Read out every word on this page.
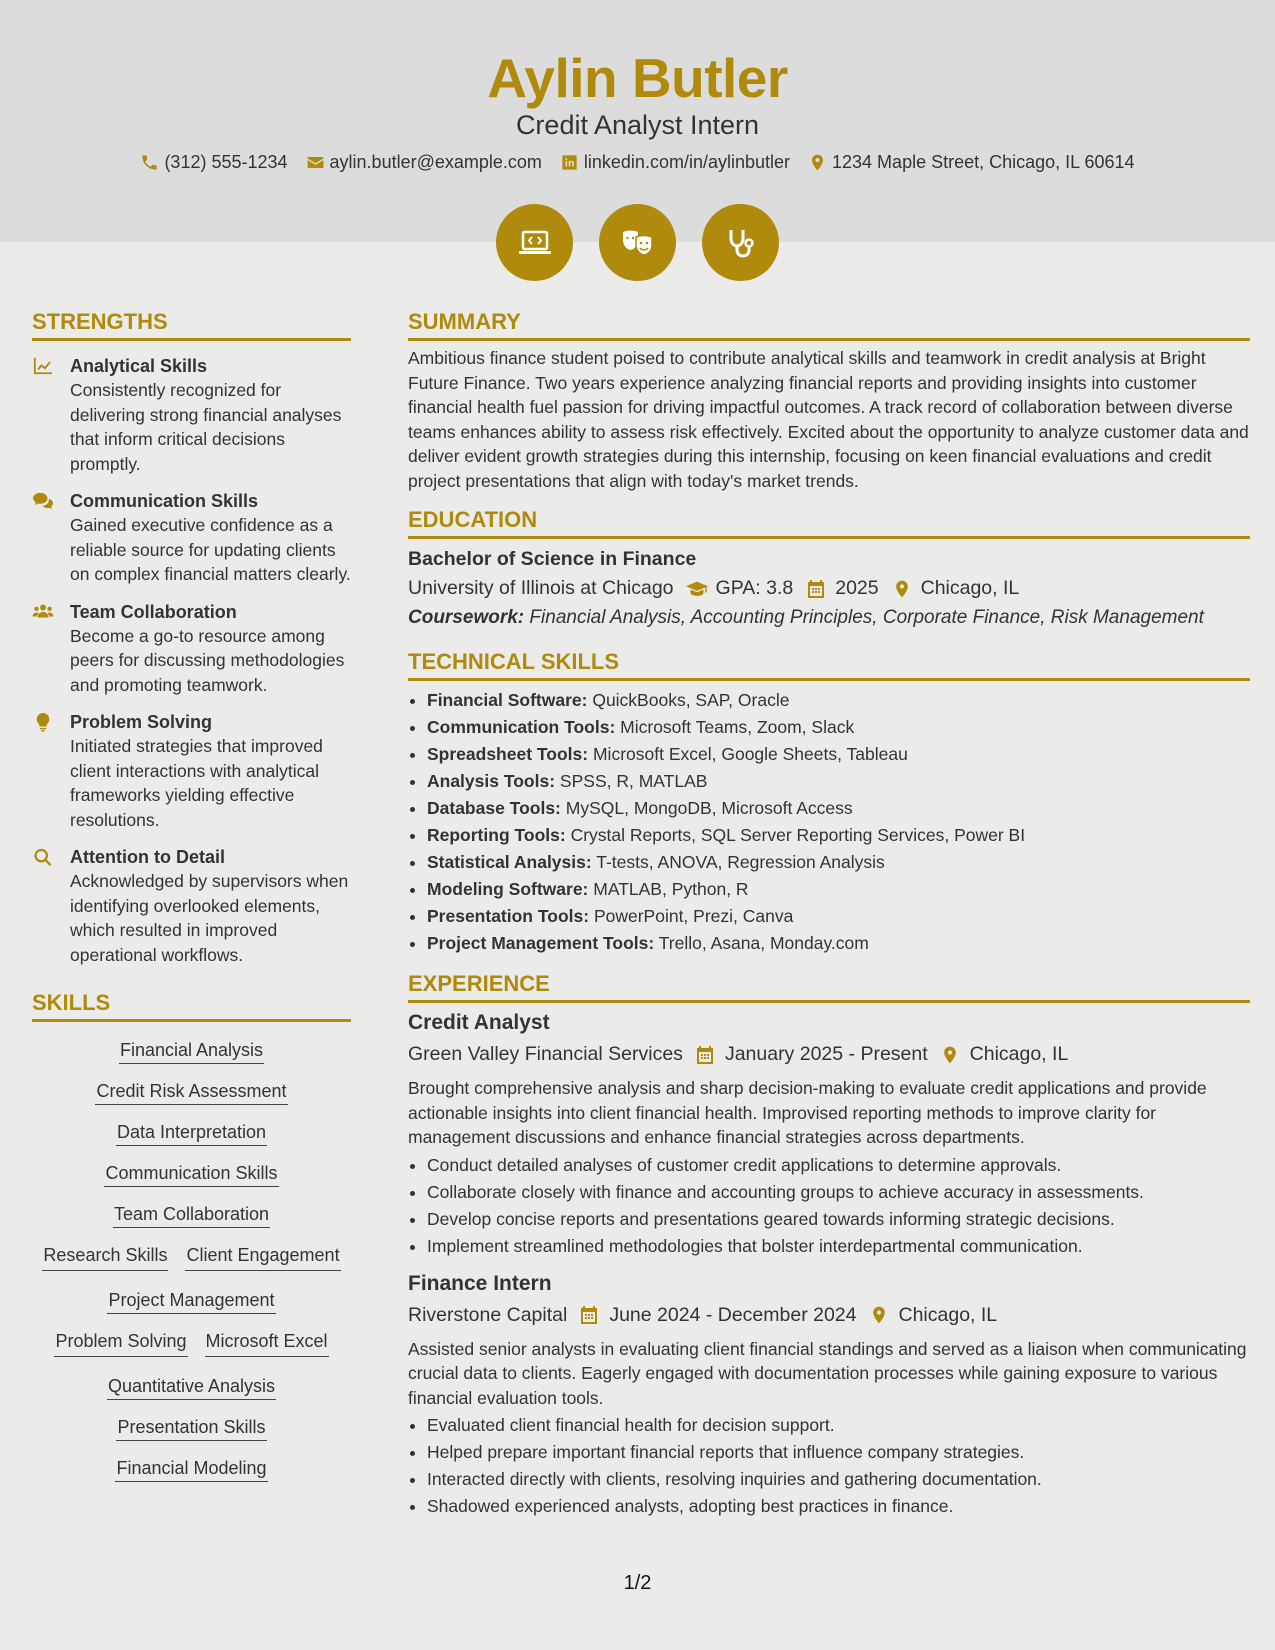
Aylin Butler
Credit Analyst Intern
(312) 555-1234 aylin.butler@example.com linkedin.com/in/aylinbutler 1234 Maple Street, Chicago, IL 60614
STRENGTHS
Analytical Skills
Consistently recognized for delivering strong financial analyses that inform critical decisions promptly.
Communication Skills
Gained executive confidence as a reliable source for updating clients on complex financial matters clearly.
Team Collaboration
Become a go-to resource among peers for discussing methodologies and promoting teamwork.
Problem Solving
Initiated strategies that improved client interactions with analytical frameworks yielding effective resolutions.
Attention to Detail
Acknowledged by supervisors when identifying overlooked elements, which resulted in improved operational workflows.
SKILLS
Financial Analysis
Credit Risk Assessment
Data Interpretation
Communication Skills
Team Collaboration
Research Skills Client Engagement
Project Management
Problem Solving Microsoft Excel
Quantitative Analysis
Presentation Skills
Financial Modeling
SUMMARY
Ambitious finance student poised to contribute analytical skills and teamwork in credit analysis at Bright Future Finance. Two years experience analyzing financial reports and providing insights into customer financial health fuel passion for driving impactful outcomes. A track record of collaboration between diverse teams enhances ability to assess risk effectively. Excited about the opportunity to analyze customer data and deliver evident growth strategies during this internship, focusing on keen financial evaluations and credit project presentations that align with today's market trends.
EDUCATION
Bachelor of Science in Finance
University of Illinois at Chicago GPA: 3.8 2025 Chicago, IL
Coursework: Financial Analysis, Accounting Principles, Corporate Finance, Risk Management
TECHNICAL SKILLS
• Financial Software: QuickBooks, SAP, Oracle
• Communication Tools: Microsoft Teams, Zoom, Slack
• Spreadsheet Tools: Microsoft Excel, Google Sheets, Tableau
• Analysis Tools: SPSS, R, MATLAB
• Database Tools: MySQL, MongoDB, Microsoft Access
• Reporting Tools: Crystal Reports, SQL Server Reporting Services, Power BI
• Statistical Analysis: T-tests, ANOVA, Regression Analysis
• Modeling Software: MATLAB, Python, R
• Presentation Tools: PowerPoint, Prezi, Canva
• Project Management Tools: Trello, Asana, Monday.com
EXPERIENCE
Credit Analyst
Green Valley Financial Services January 2025 - Present Chicago, IL
Brought comprehensive analysis and sharp decision-making to evaluate credit applications and provide actionable insights into client financial health. Improvised reporting methods to improve clarity for management discussions and enhance financial strategies across departments.
• Conduct detailed analyses of customer credit applications to determine approvals.
• Collaborate closely with finance and accounting groups to achieve accuracy in assessments.
• Develop concise reports and presentations geared towards informing strategic decisions.
• Implement streamlined methodologies that bolster interdepartmental communication.
Finance Intern
Riverstone Capital June 2024 - December 2024 Chicago, IL
Assisted senior analysts in evaluating client financial standings and served as a liaison when communicating crucial data to clients. Eagerly engaged with documentation processes while gaining exposure to various financial evaluation tools.
• Evaluated client financial health for decision support.
• Helped prepare important financial reports that influence company strategies.
• Interacted directly with clients, resolving inquiries and gathering documentation.
• Shadowed experienced analysts, adopting best practices in finance.
1/2
